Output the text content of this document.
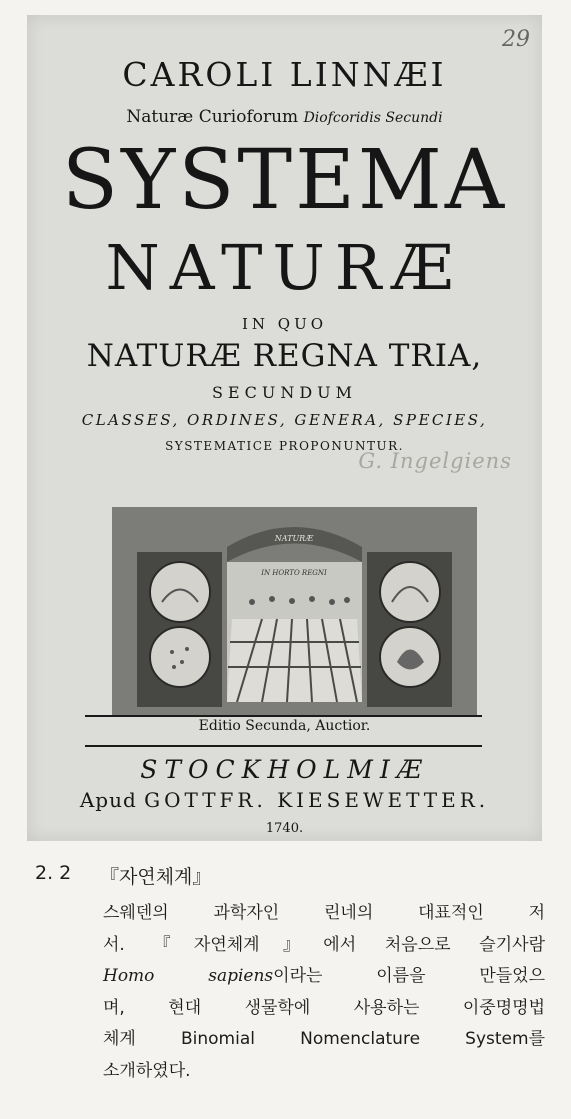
29
CAROLI LINNÆI
Naturæ Curioforum Diofcoridis Secundi
SYSTEMA
NATURÆ
IN QUO
NATURÆ REGNA TRIA,
SECUNDUM
CLASSES, ORDINES, GENERA, SPECIES,
SYSTEMATICE PROPONUNTUR.
G. Ingelgiens
NATURÆ
IN HORTO REGNI
Editio Secunda, Auctior.
STOCKHOLMIÆ
Apud GOTTFR. KIESEWETTER.
1740.
2. 2 『자연체계』
스웨덴의 과학자인 린네의 대표적인 저
서. 『자연체계』에서 처음으로 슬기사람
Homo sapiens이라는 이름을 만들었으
며, 현대 생물학에 사용하는 이중명명법
체계 Binomial Nomenclature System를
소개하였다.
